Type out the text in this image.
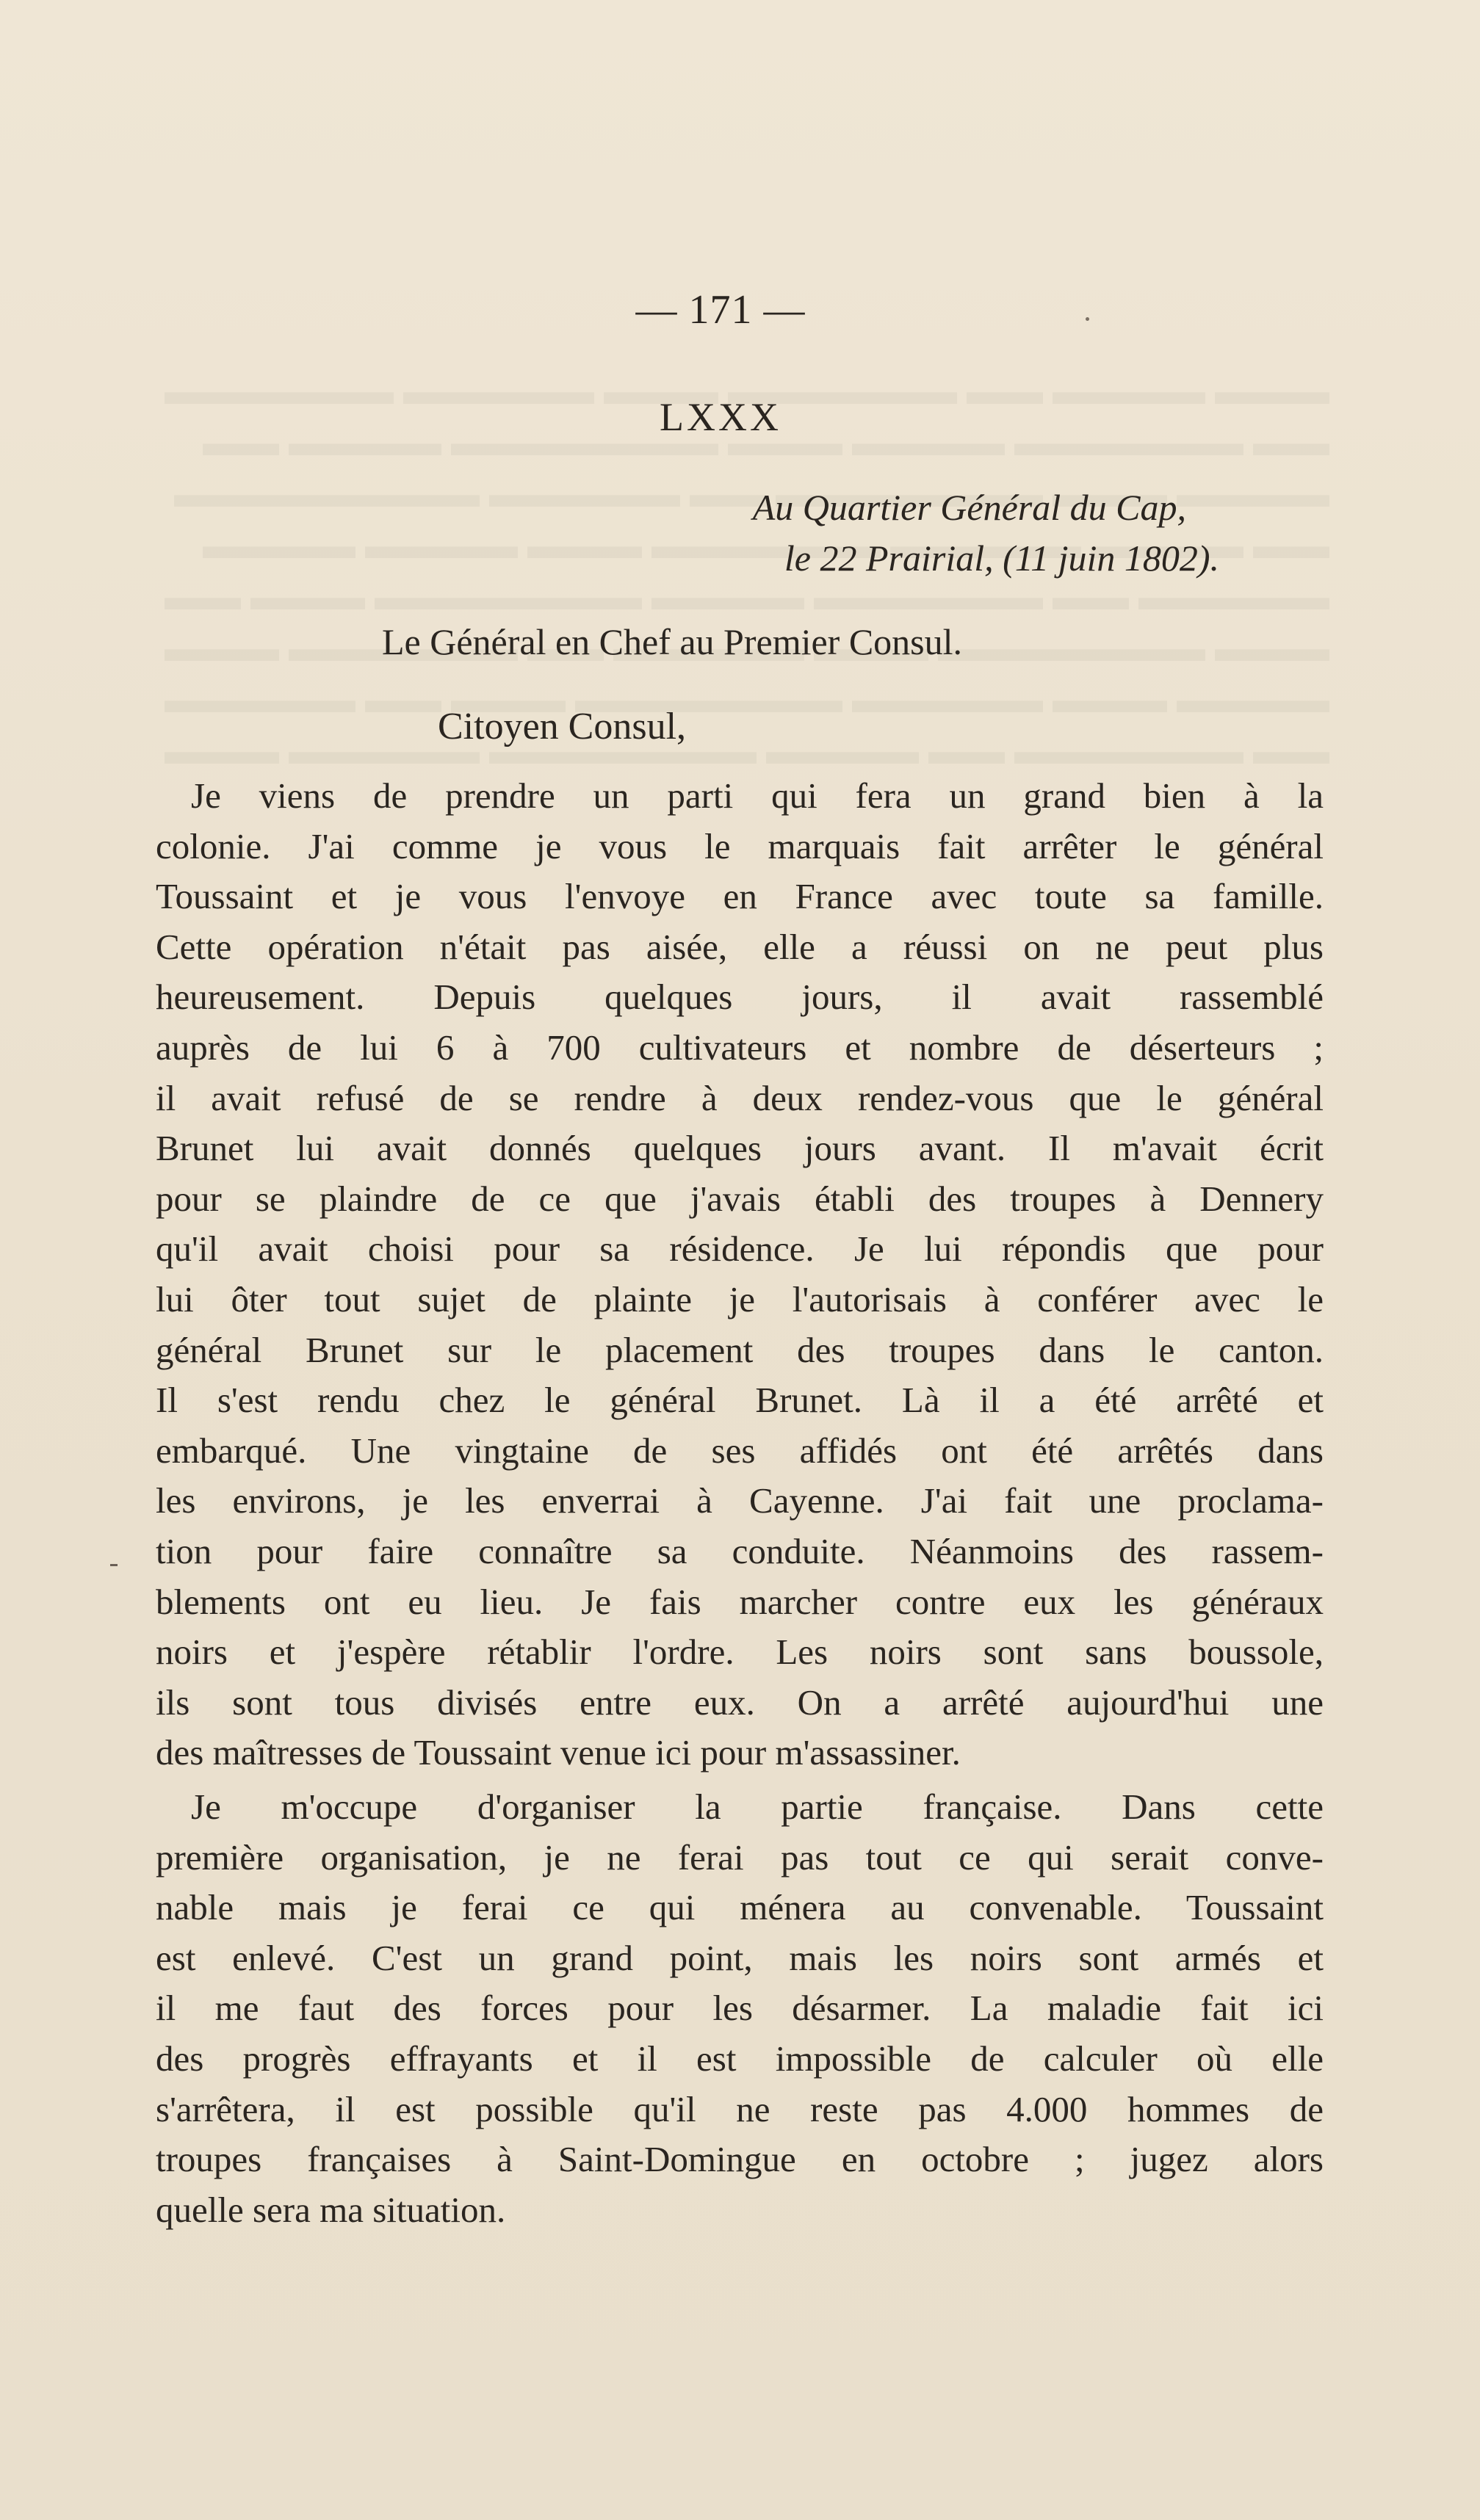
— 171 —
LXXX
Au Quartier Général du Cap,
le 22 Prairial, (11 juin 1802).
Le Général en Chef au Premier Consul.
Citoyen Consul,
Je viens de prendre un parti qui fera un grand bien à la
colonie. J'ai comme je vous le marquais fait arrêter le général
Toussaint et je vous l'envoye en France avec toute sa famille.
Cette opération n'était pas aisée, elle a réussi on ne peut plus
heureusement. Depuis quelques jours, il avait rassemblé
auprès de lui 6 à 700 cultivateurs et nombre de déserteurs ;
il avait refusé de se rendre à deux rendez-vous que le général
Brunet lui avait donnés quelques jours avant. Il m'avait écrit
pour se plaindre de ce que j'avais établi des troupes à Dennery
qu'il avait choisi pour sa résidence. Je lui répondis que pour
lui ôter tout sujet de plainte je l'autorisais à conférer avec le
général Brunet sur le placement des troupes dans le canton.
Il s'est rendu chez le général Brunet. Là il a été arrêté et
embarqué. Une vingtaine de ses affidés ont été arrêtés dans
les environs, je les enverrai à Cayenne. J'ai fait une proclama-
tion pour faire connaître sa conduite. Néanmoins des rassem-
blements ont eu lieu. Je fais marcher contre eux les généraux
noirs et j'espère rétablir l'ordre. Les noirs sont sans boussole,
ils sont tous divisés entre eux. On a arrêté aujourd'hui une
des maîtresses de Toussaint venue ici pour m'assassiner.
Je m'occupe d'organiser la partie française. Dans cette
première organisation, je ne ferai pas tout ce qui serait conve-
nable mais je ferai ce qui ménera au convenable. Toussaint
est enlevé. C'est un grand point, mais les noirs sont armés et
il me faut des forces pour les désarmer. La maladie fait ici
des progrès effrayants et il est impossible de calculer où elle
s'arrêtera, il est possible qu'il ne reste pas 4.000 hommes de
troupes françaises à Saint-Domingue en octobre ; jugez alors
quelle sera ma situation.
